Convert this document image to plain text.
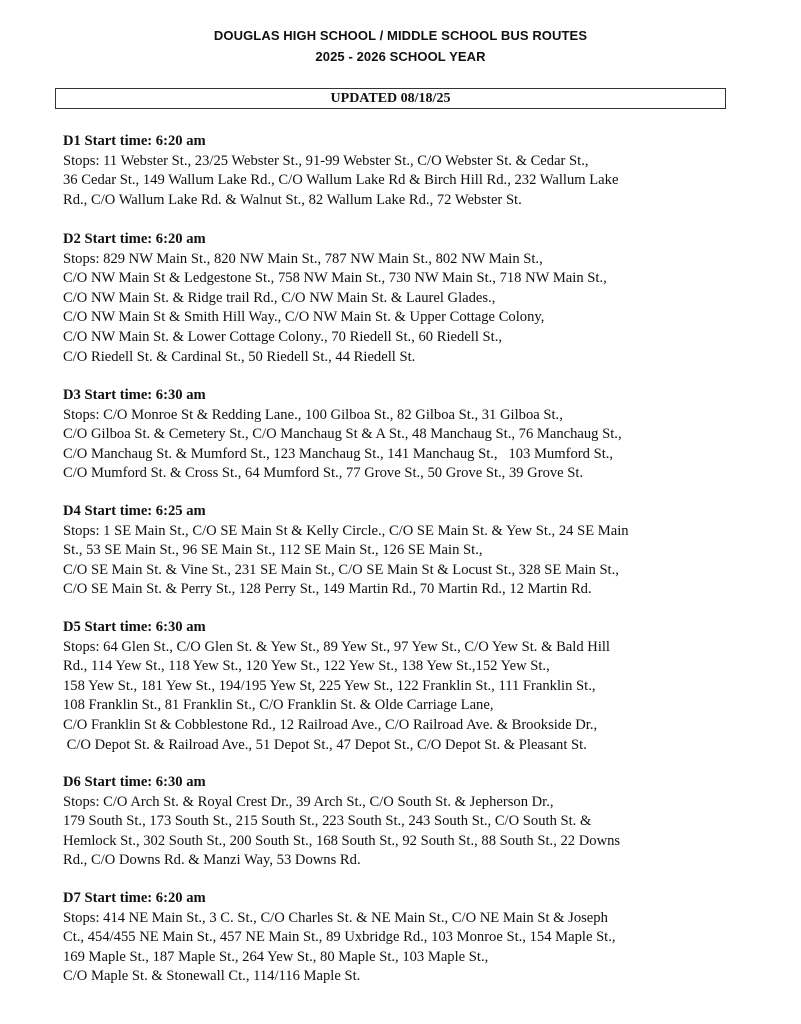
DOUGLAS HIGH SCHOOL / MIDDLE SCHOOL BUS ROUTES
2025 - 2026 SCHOOL YEAR
UPDATED 08/18/25
D1 Start time: 6:20 am
Stops: 11 Webster St., 23/25 Webster St., 91-99 Webster St., C/O Webster St. & Cedar St.,
36 Cedar St., 149 Wallum Lake Rd., C/O Wallum Lake Rd & Birch Hill Rd., 232 Wallum Lake
Rd., C/O Wallum Lake Rd. & Walnut St., 82 Wallum Lake Rd., 72 Webster St.
D2 Start time: 6:20 am
Stops: 829 NW Main St., 820 NW Main St., 787 NW Main St., 802 NW Main St.,
C/O NW Main St & Ledgestone St., 758 NW Main St., 730 NW Main St., 718 NW Main St.,
C/O NW Main St. & Ridge trail Rd., C/O NW Main St. & Laurel Glades.,
C/O NW Main St & Smith Hill Way., C/O NW Main St. & Upper Cottage Colony,
C/O NW Main St. & Lower Cottage Colony., 70 Riedell St., 60 Riedell St.,
C/O Riedell St. & Cardinal St., 50 Riedell St., 44 Riedell St.
D3 Start time: 6:30 am
Stops: C/O Monroe St & Redding Lane., 100 Gilboa St., 82 Gilboa St., 31 Gilboa St.,
C/O Gilboa St. & Cemetery St., C/O Manchaug St & A St., 48 Manchaug St., 76 Manchaug St.,
C/O Manchaug St. & Mumford St., 123 Manchaug St., 141 Manchaug St.,   103 Mumford St.,
C/O Mumford St. & Cross St., 64 Mumford St., 77 Grove St., 50 Grove St., 39 Grove St.
D4 Start time: 6:25 am
Stops: 1 SE Main St., C/O SE Main St & Kelly Circle., C/O SE Main St. & Yew St., 24 SE Main
St., 53 SE Main St., 96 SE Main St., 112 SE Main St., 126 SE Main St.,
C/O SE Main St. & Vine St., 231 SE Main St., C/O SE Main St & Locust St., 328 SE Main St.,
C/O SE Main St. & Perry St., 128 Perry St., 149 Martin Rd., 70 Martin Rd., 12 Martin Rd.
D5 Start time: 6:30 am
Stops: 64 Glen St., C/O Glen St. & Yew St., 89 Yew St., 97 Yew St., C/O Yew St. & Bald Hill
Rd., 114 Yew St., 118 Yew St., 120 Yew St., 122 Yew St., 138 Yew St.,152 Yew St.,
158 Yew St., 181 Yew St., 194/195 Yew St, 225 Yew St., 122 Franklin St., 111 Franklin St.,
108 Franklin St., 81 Franklin St., C/O Franklin St. & Olde Carriage Lane,
C/O Franklin St & Cobblestone Rd., 12 Railroad Ave., C/O Railroad Ave. & Brookside Dr.,
C/O Depot St. & Railroad Ave., 51 Depot St., 47 Depot St., C/O Depot St. & Pleasant St.
D6 Start time: 6:30 am
Stops: C/O Arch St. & Royal Crest Dr., 39 Arch St., C/O South St. & Jepherson Dr.,
179 South St., 173 South St., 215 South St., 223 South St., 243 South St., C/O South St. &
Hemlock St., 302 South St., 200 South St., 168 South St., 92 South St., 88 South St., 22 Downs
Rd., C/O Downs Rd. & Manzi Way, 53 Downs Rd.
D7 Start time: 6:20 am
Stops: 414 NE Main St., 3 C. St., C/O Charles St. & NE Main St., C/O NE Main St & Joseph
Ct., 454/455 NE Main St., 457 NE Main St., 89 Uxbridge Rd., 103 Monroe St., 154 Maple St.,
169 Maple St., 187 Maple St., 264 Yew St., 80 Maple St., 103 Maple St.,
C/O Maple St. & Stonewall Ct., 114/116 Maple St.
